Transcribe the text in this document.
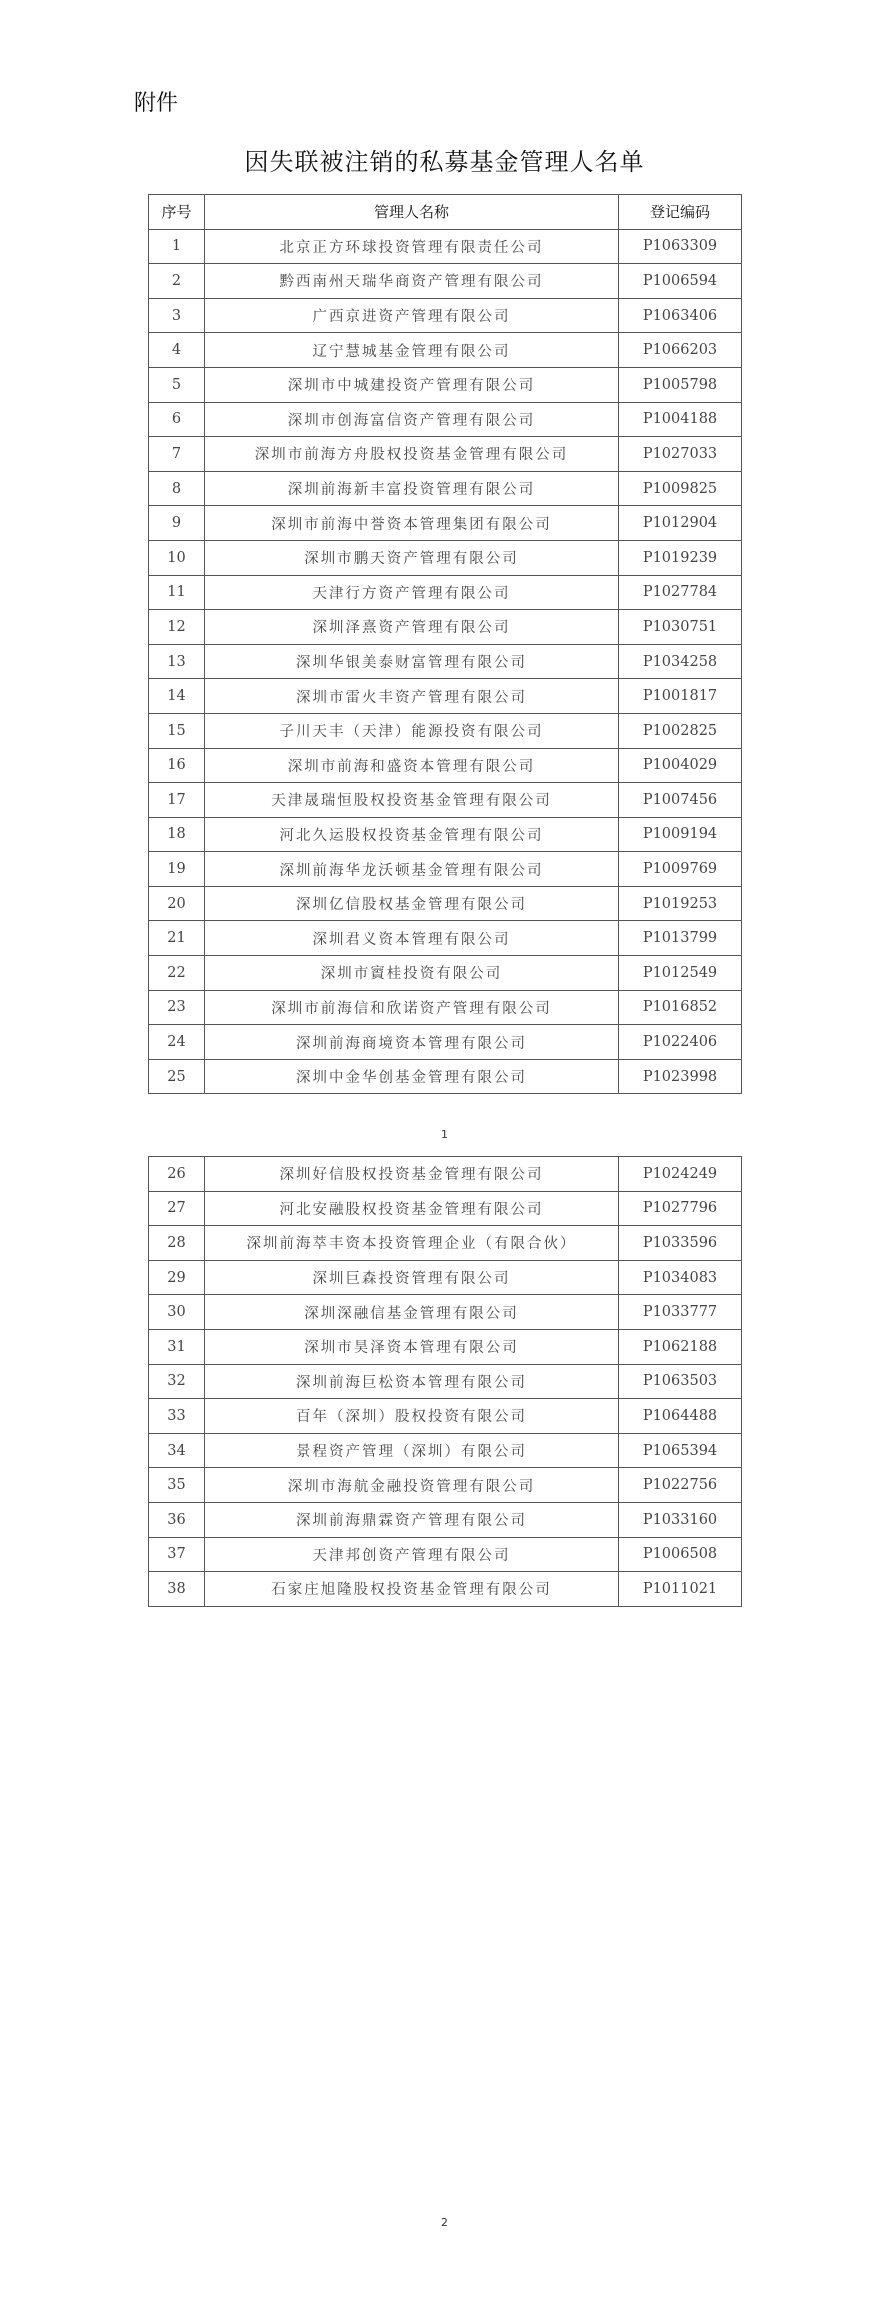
附件
因失联被注销的私募基金管理人名单
序号	管理人名称	登记编码
1	北京正方环球投资管理有限责任公司	P1063309
2	黔西南州天瑞华商资产管理有限公司	P1006594
3	广西京进资产管理有限公司	P1063406
4	辽宁慧城基金管理有限公司	P1066203
5	深圳市中城建投资产管理有限公司	P1005798
6	深圳市创海富信资产管理有限公司	P1004188
7	深圳市前海方舟股权投资基金管理有限公司	P1027033
8	深圳前海新丰富投资管理有限公司	P1009825
9	深圳市前海中誉资本管理集团有限公司	P1012904
10	深圳市鹏天资产管理有限公司	P1019239
11	天津行方资产管理有限公司	P1027784
12	深圳泽熹资产管理有限公司	P1030751
13	深圳华银美泰财富管理有限公司	P1034258
14	深圳市雷火丰资产管理有限公司	P1001817
15	子川天丰（天津）能源投资有限公司	P1002825
16	深圳市前海和盛资本管理有限公司	P1004029
17	天津晟瑞恒股权投资基金管理有限公司	P1007456
18	河北久运股权投资基金管理有限公司	P1009194
19	深圳前海华龙沃顿基金管理有限公司	P1009769
20	深圳亿信股权基金管理有限公司	P1019253
21	深圳君义资本管理有限公司	P1013799
22	深圳市賨桂投资有限公司	P1012549
23	深圳市前海信和欣诺资产管理有限公司	P1016852
24	深圳前海商境资本管理有限公司	P1022406
25	深圳中金华创基金管理有限公司	P1023998
1
26	深圳好信股权投资基金管理有限公司	P1024249
27	河北安融股权投资基金管理有限公司	P1027796
28	深圳前海萃丰资本投资管理企业（有限合伙）	P1033596
29	深圳巨森投资管理有限公司	P1034083
30	深圳深融信基金管理有限公司	P1033777
31	深圳市昊泽资本管理有限公司	P1062188
32	深圳前海巨松资本管理有限公司	P1063503
33	百年（深圳）股权投资有限公司	P1064488
34	景程资产管理（深圳）有限公司	P1065394
35	深圳市海航金融投资管理有限公司	P1022756
36	深圳前海鼎霖资产管理有限公司	P1033160
37	天津邦创资产管理有限公司	P1006508
38	石家庄旭隆股权投资基金管理有限公司	P1011021
2
